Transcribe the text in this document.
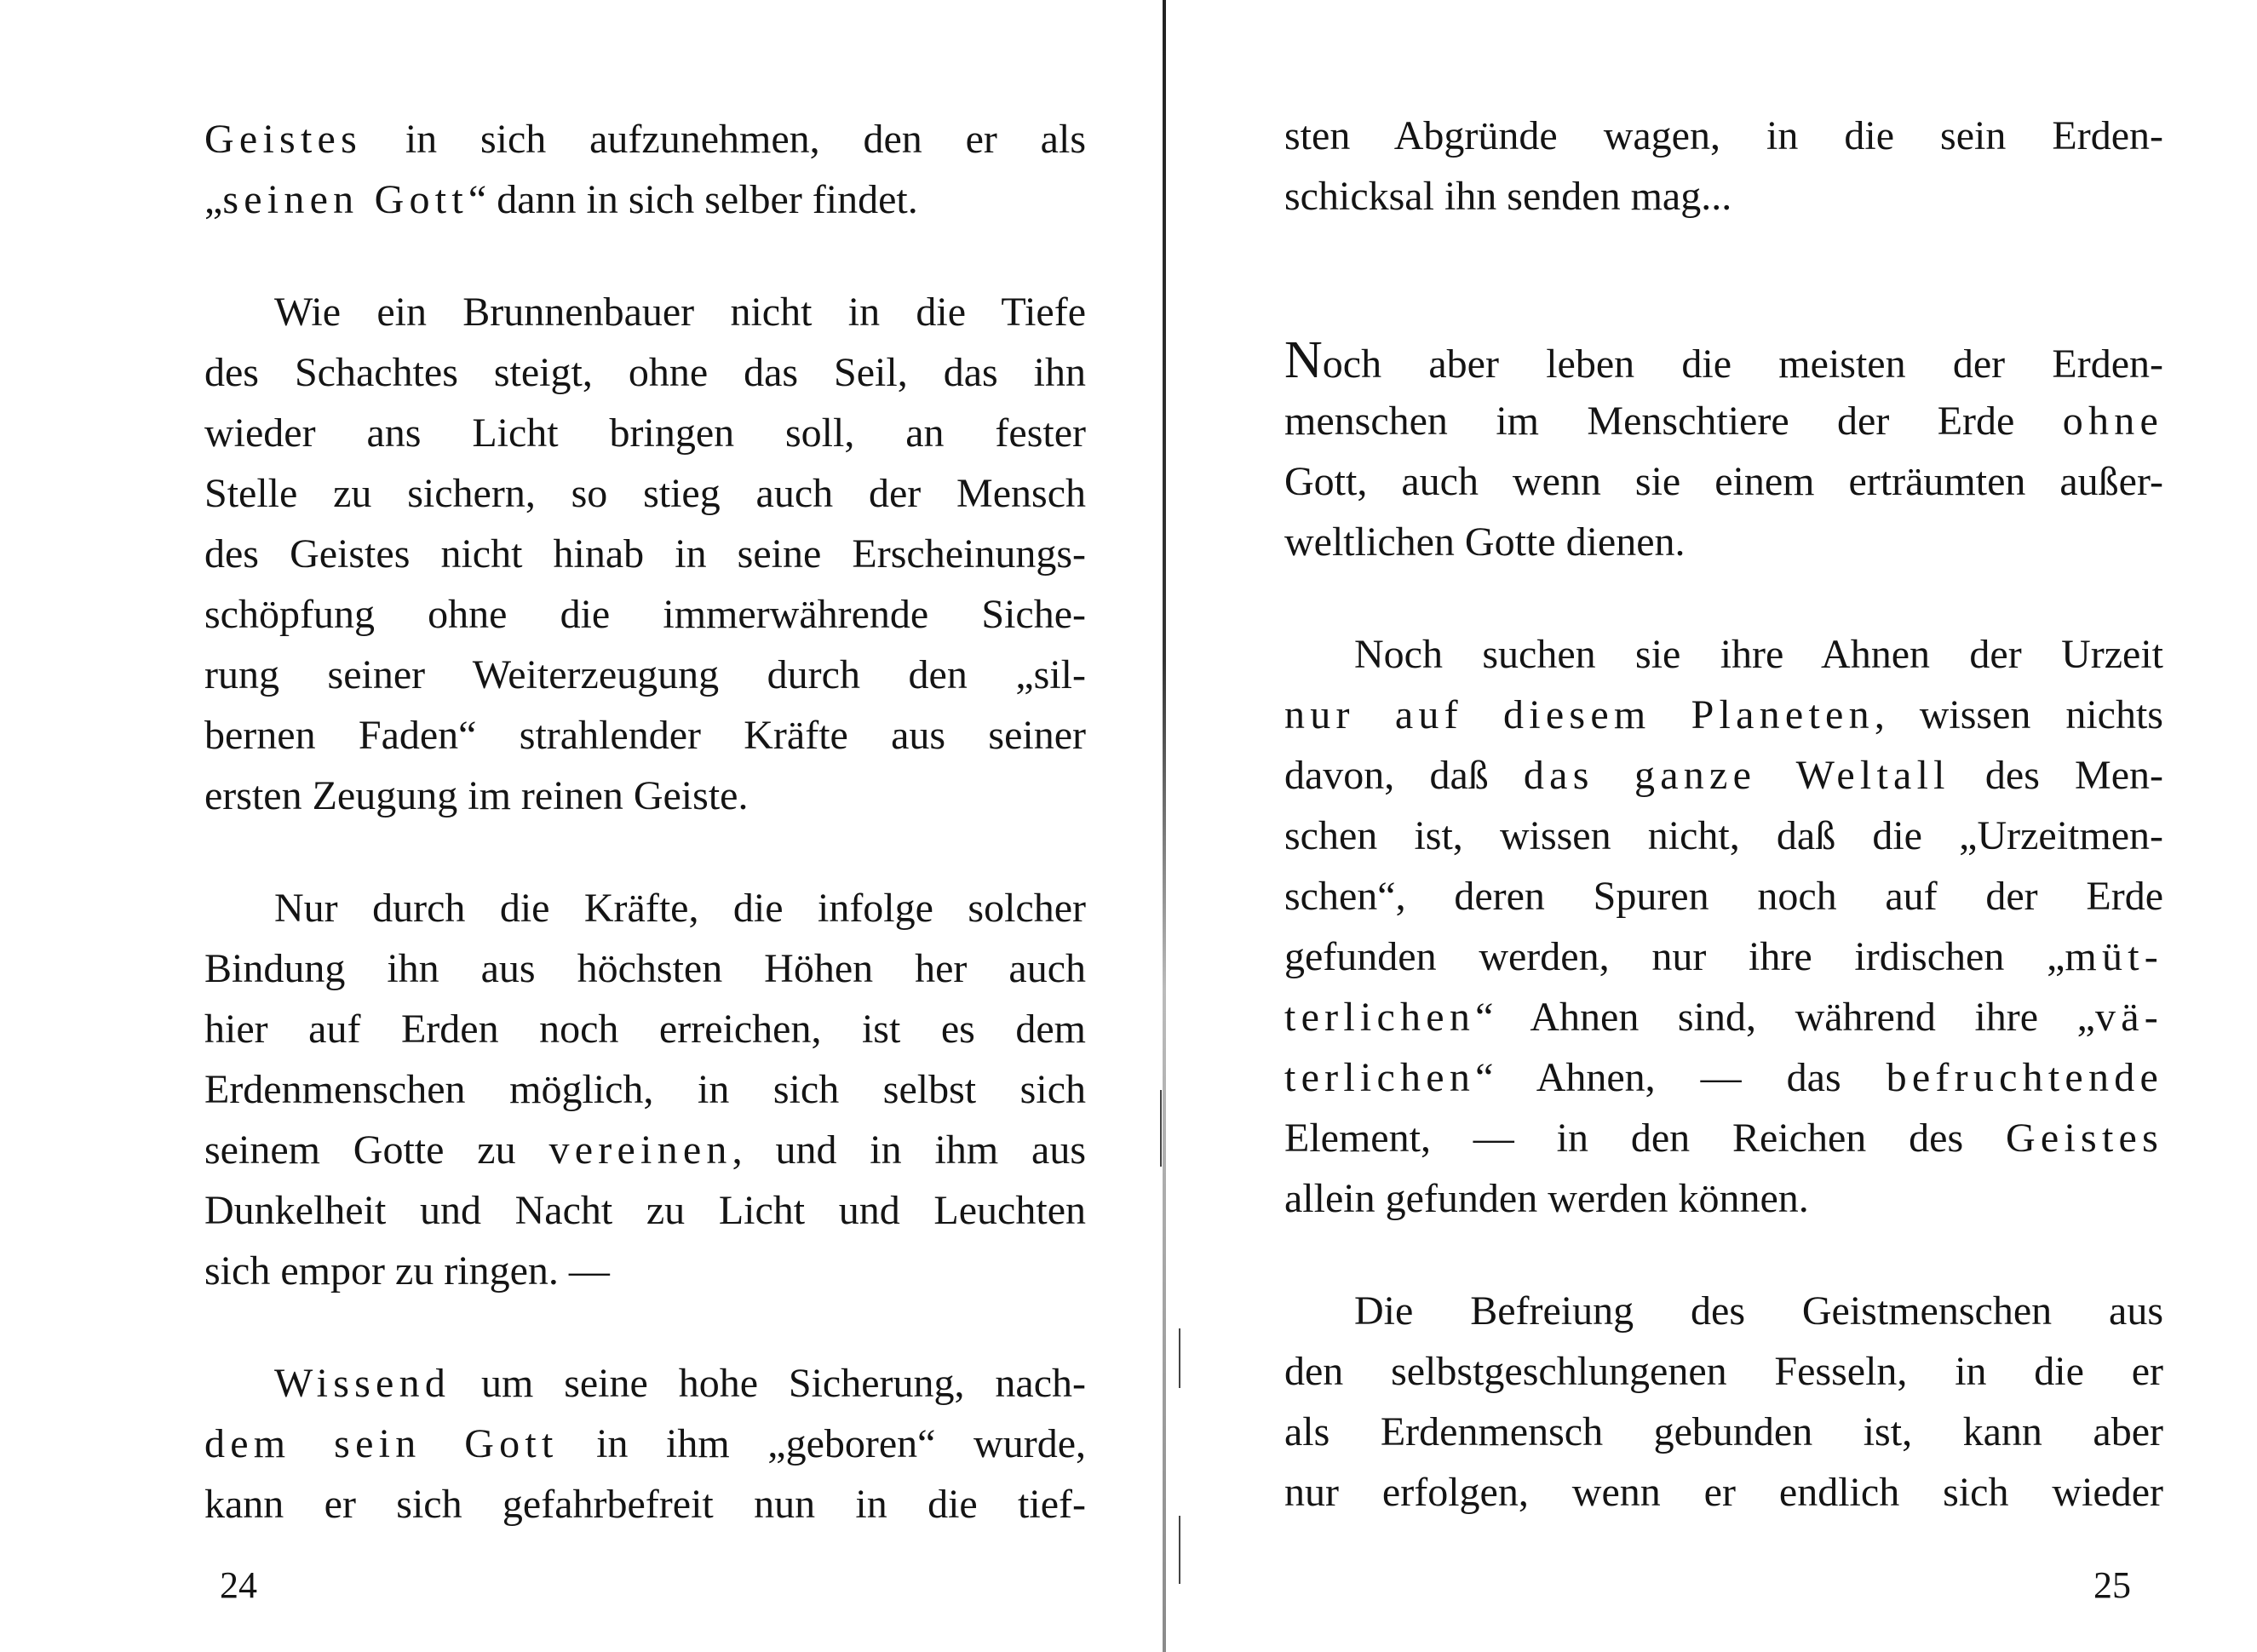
Geistes in sich aufzunehmen, den er als
„seinen Gott“ dann in sich selber findet.
Wie ein Brunnenbauer nicht in die Tiefe
des Schachtes steigt, ohne das Seil, das ihn
wieder ans Licht bringen soll, an fester
Stelle zu sichern, so stieg auch der Mensch
des Geistes nicht hinab in seine Erscheinungs-
schöpfung ohne die immerwährende Siche-
rung seiner Weiterzeugung durch den „sil-
bernen Faden“ strahlender Kräfte aus seiner
ersten Zeugung im reinen Geiste.
Nur durch die Kräfte, die infolge solcher
Bindung ihn aus höchsten Höhen her auch
hier auf Erden noch erreichen, ist es dem
Erdenmenschen möglich, in sich selbst sich
seinem Gotte zu vereinen, und in ihm aus
Dunkelheit und Nacht zu Licht und Leuchten
sich empor zu ringen. —
Wissend um seine hohe Sicherung, nach-
dem sein Gott in ihm „geboren“ wurde,
kann er sich gefahrbefreit nun in die tief-
24
sten Abgründe wagen, in die sein Erden-
schicksal ihn senden mag...
Noch aber leben die meisten der Erden-
menschen im Menschtiere der Erde ohne
Gott, auch wenn sie einem erträumten außer-
weltlichen Gotte dienen.
Noch suchen sie ihre Ahnen der Urzeit
nur auf diesem Planeten, wissen nichts
davon, daß das ganze Weltall des Men-
schen ist, wissen nicht, daß die „Urzeitmen-
schen“, deren Spuren noch auf der Erde
gefunden werden, nur ihre irdischen „müt-
terlichen“ Ahnen sind, während ihre „vä-
terlichen“ Ahnen, — das befruchtende
Element, — in den Reichen des Geistes
allein gefunden werden können.
Die Befreiung des Geistmenschen aus
den selbstgeschlungenen Fesseln, in die er
als Erdenmensch gebunden ist, kann aber
nur erfolgen, wenn er endlich sich wieder
25
